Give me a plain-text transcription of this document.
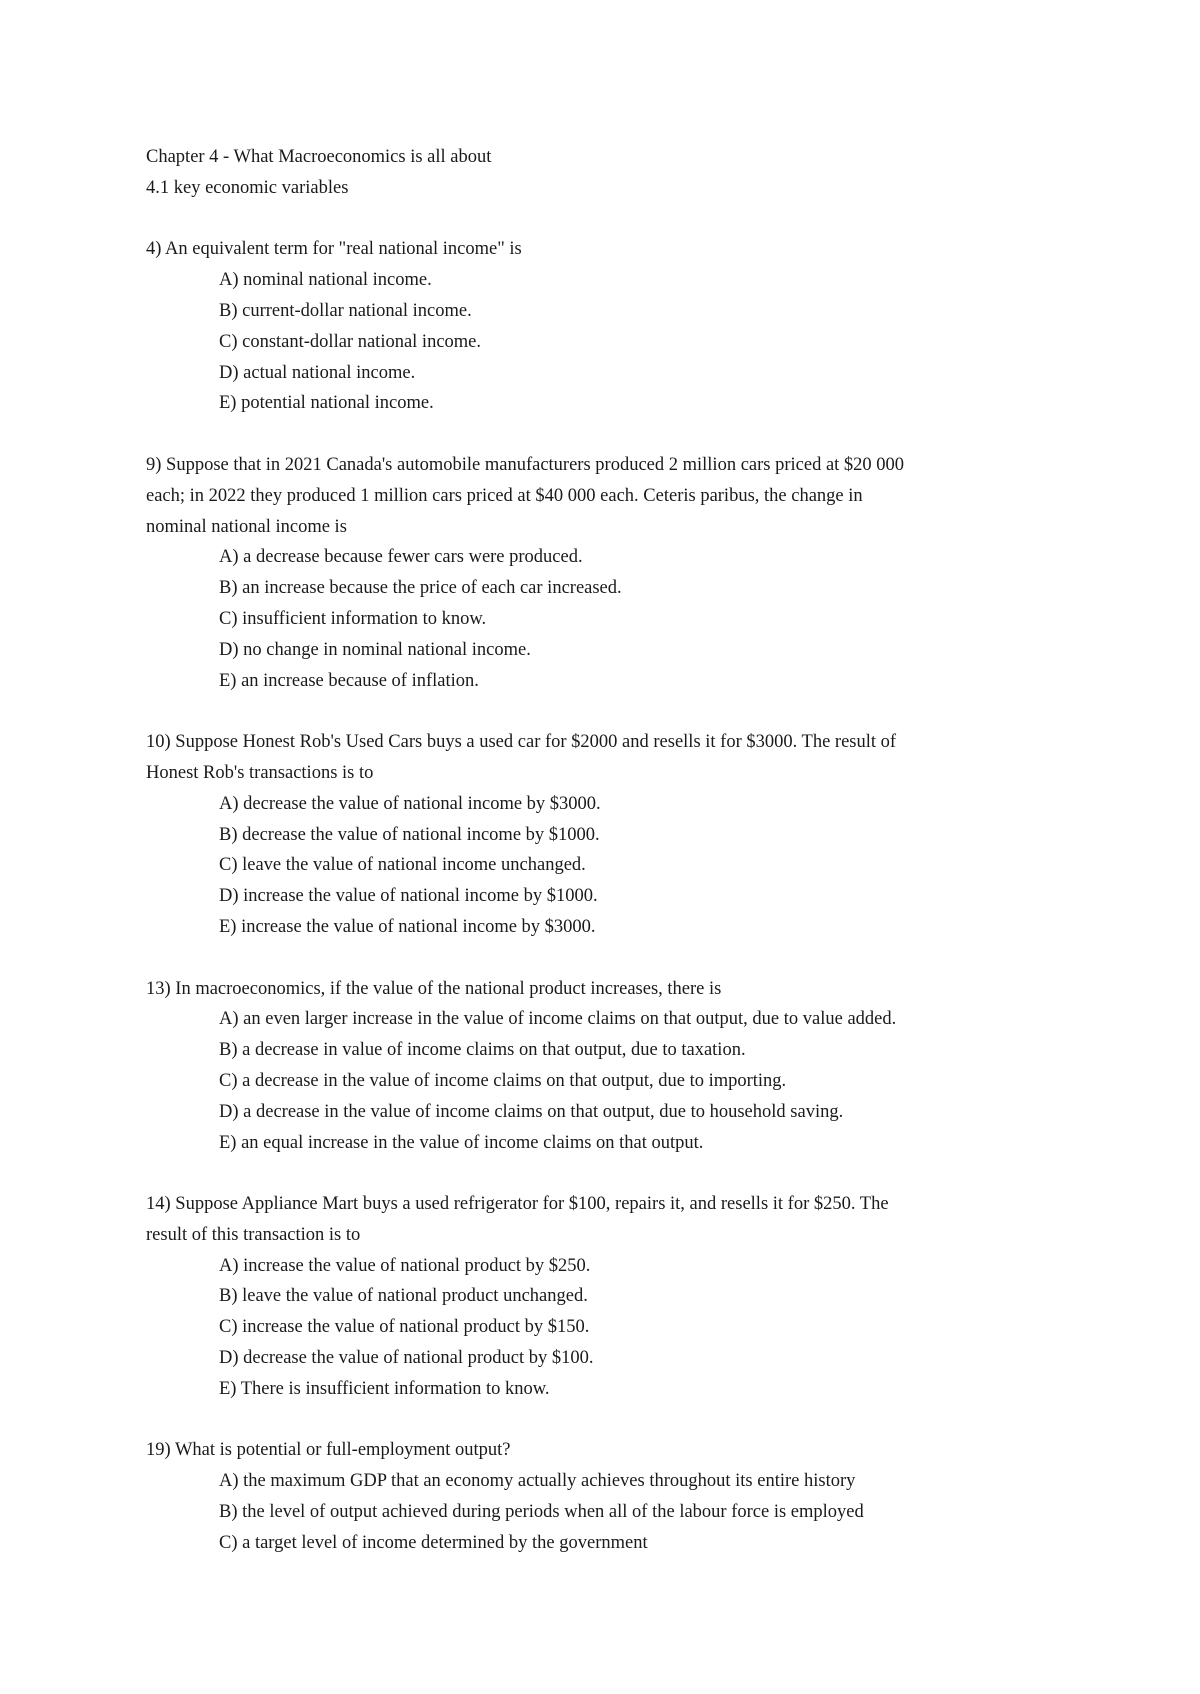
Chapter 4 - What Macroeconomics is all about
4.1 key economic variables
4) An equivalent term for "real national income" is
A) nominal national income.
B) current-dollar national income.
C) constant-dollar national income.
D) actual national income.
E) potential national income.
9) Suppose that in 2021 Canada's automobile manufacturers produced 2 million cars priced at $20 000
each; in 2022 they produced 1 million cars priced at $40 000 each. Ceteris paribus, the change in
nominal national income is
A) a decrease because fewer cars were produced.
B) an increase because the price of each car increased.
C) insufficient information to know.
D) no change in nominal national income.
E) an increase because of inflation.
10) Suppose Honest Rob's Used Cars buys a used car for $2000 and resells it for $3000. The result of
Honest Rob's transactions is to
A) decrease the value of national income by $3000.
B) decrease the value of national income by $1000.
C) leave the value of national income unchanged.
D) increase the value of national income by $1000.
E) increase the value of national income by $3000.
13) In macroeconomics, if the value of the national product increases, there is
A) an even larger increase in the value of income claims on that output, due to value added.
B) a decrease in value of income claims on that output, due to taxation.
C) a decrease in the value of income claims on that output, due to importing.
D) a decrease in the value of income claims on that output, due to household saving.
E) an equal increase in the value of income claims on that output.
14) Suppose Appliance Mart buys a used refrigerator for $100, repairs it, and resells it for $250. The
result of this transaction is to
A) increase the value of national product by $250.
B) leave the value of national product unchanged.
C) increase the value of national product by $150.
D) decrease the value of national product by $100.
E) There is insufficient information to know.
19) What is potential or full-employment output?
A) the maximum GDP that an economy actually achieves throughout its entire history
B) the level of output achieved during periods when all of the labour force is employed
C) a target level of income determined by the government
